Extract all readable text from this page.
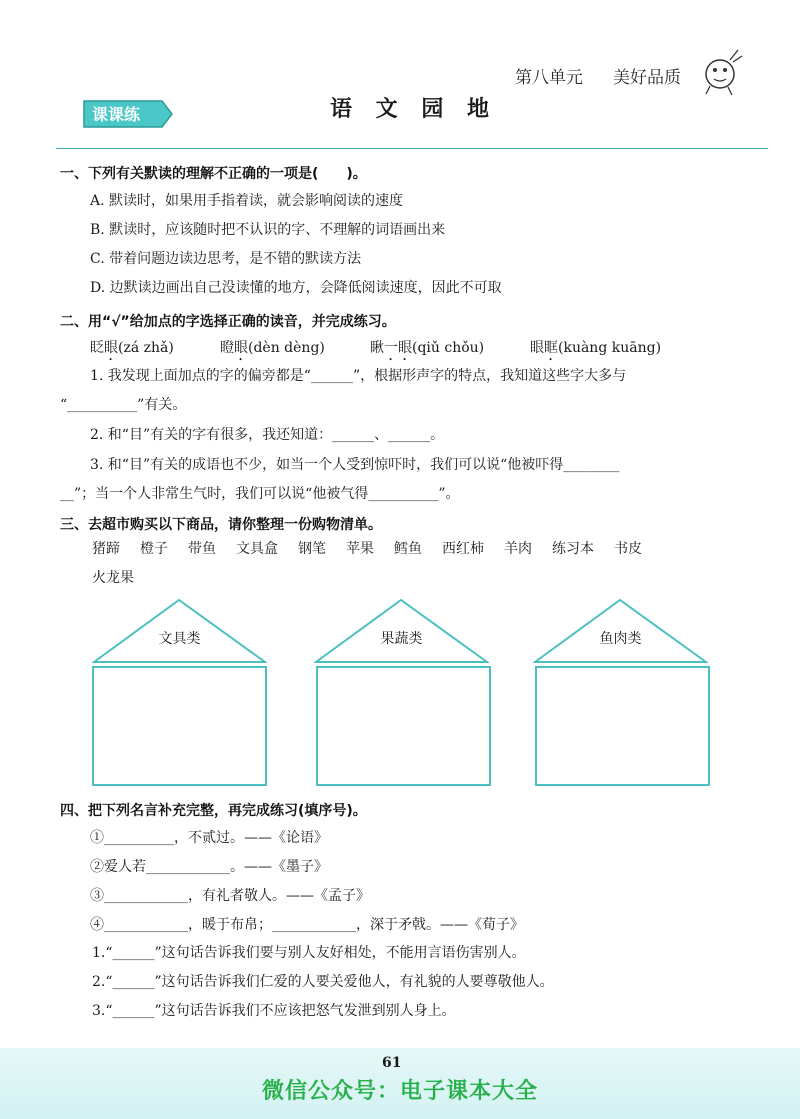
第八单元 美好品质
课课练	语 文 园 地
一、下列有关默读的理解不正确的一项是(　　)。
A. 默读时，如果用手指着读，就会影响阅读的速度
B. 默读时，应该随时把不认识的字、不理解的词语画出来
C. 带着问题边读边思考，是不错的默读方法
D. 边默读边画出自己没读懂的地方，会降低阅读速度，因此不可取
二、用“√”给加点的字选择正确的读音，并完成练习。
眨眼(zá zhǎ)	瞪眼(dèn dèng)	瞅一眼(qiǔ chǒu)	眼眶(kuàng kuāng)
1. 我发现上面加点的字的偏旁都是“______”，根据形声字的特点，我知道这些字大多与
“__________”有关。
2. 和“目”有关的字有很多，我还知道：______、______。
3. 和“目”有关的成语也不少，如当一个人受到惊吓时，我们可以说“他被吓得________
__”；当一个人非常生气时，我们可以说“他被气得__________”。
三、去超市购买以下商品，请你整理一份购物清单。
猪蹄 橙子 带鱼 文具盒 钢笔 苹果 鳕鱼 西红柿 羊肉 练习本 书皮
火龙果
文具类	果蔬类	鱼肉类
四、把下列名言补充完整，再完成练习(填序号)。
①__________，不贰过。——《论语》
②爱人若____________。——《墨子》
③____________，有礼者敬人。——《孟子》
④____________，暖于布帛；____________，深于矛戟。——《荀子》
1.“______”这句话告诉我们要与别人友好相处，不能用言语伤害别人。
2.“______”这句话告诉我们仁爱的人要关爱他人，有礼貌的人要尊敬他人。
3.“______”这句话告诉我们不应该把怒气发泄到别人身上。
61
微信公众号：电子课本大全
